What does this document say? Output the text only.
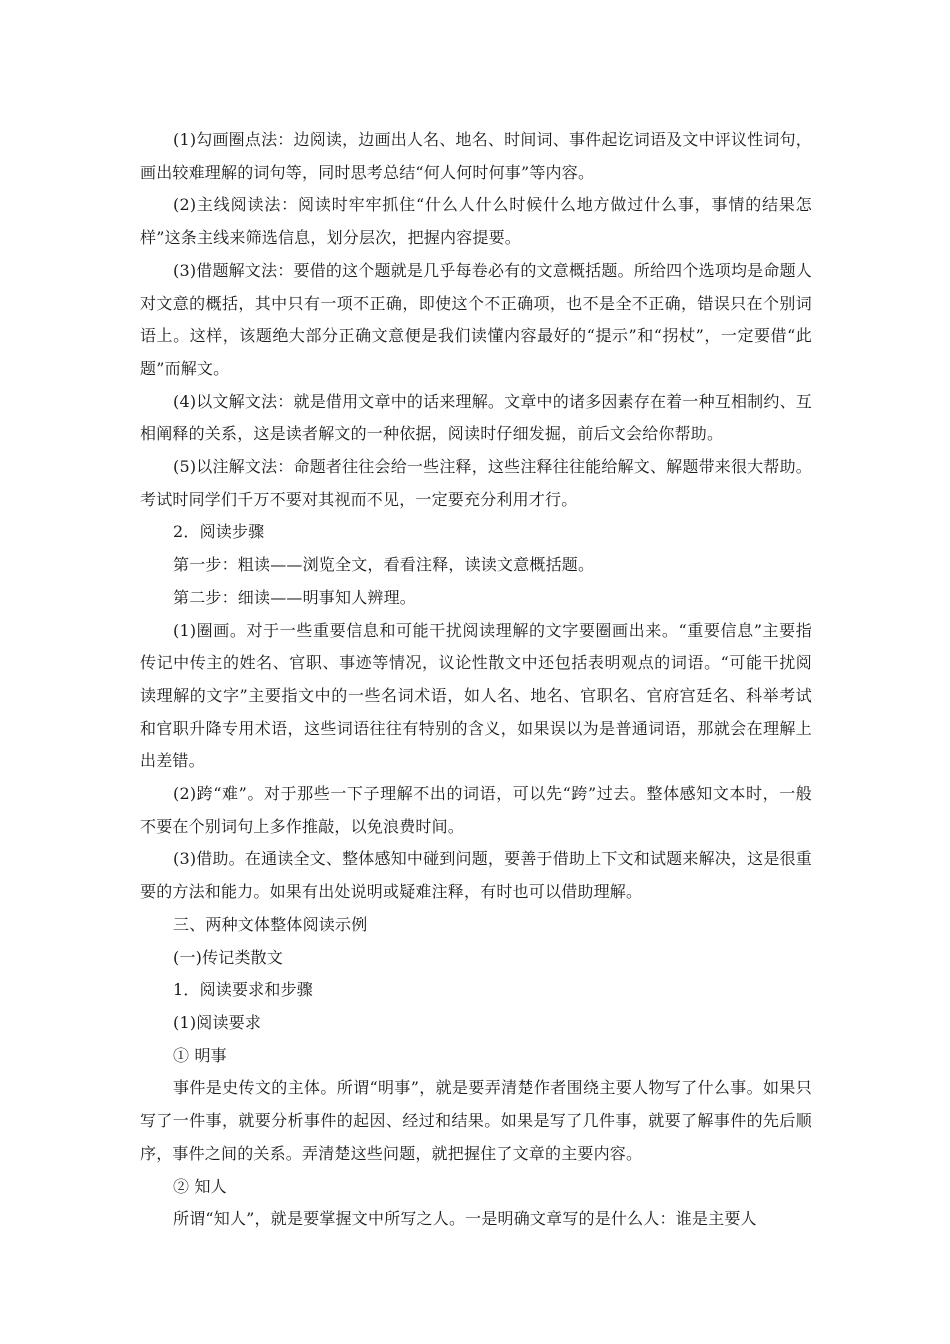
(1)勾画圈点法：边阅读，边画出人名、地名、时间词、事件起讫词语及文中评议性词句，画出较难理解的词句等，同时思考总结“何人何时何事”等内容。

(2)主线阅读法：阅读时牢牢抓住“什么人什么时候什么地方做过什么事，事情的结果怎样”这条主线来筛选信息，划分层次，把握内容提要。

(3)借题解文法：要借的这个题就是几乎每卷必有的文意概括题。所给四个选项均是命题人对文意的概括，其中只有一项不正确，即使这个不正确项，也不是全不正确，错误只在个别词语上。这样，该题绝大部分正确文意便是我们读懂内容最好的“提示”和“拐杖”，一定要借“此题”而解文。

(4)以文解文法：就是借用文章中的话来理解。文章中的诸多因素存在着一种互相制约、互相阐释的关系，这是读者解文的一种依据，阅读时仔细发掘，前后文会给你帮助。

(5)以注解文法：命题者往往会给一些注释，这些注释往往能给解文、解题带来很大帮助。考试时同学们千万不要对其视而不见，一定要充分利用才行。

2．阅读步骤

第一步：粗读——浏览全文，看看注释，读读文意概括题。

第二步：细读——明事知人辨理。

(1)圈画。对于一些重要信息和可能干扰阅读理解的文字要圈画出来。“重要信息”主要指传记中传主的姓名、官职、事迹等情况，议论性散文中还包括表明观点的词语。“可能干扰阅读理解的文字”主要指文中的一些名词术语，如人名、地名、官职名、官府宫廷名、科举考试和官职升降专用术语，这些词语往往有特别的含义，如果误以为是普通词语，那就会在理解上出差错。

(2)跨“难”。对于那些一下子理解不出的词语，可以先“跨”过去。整体感知文本时，一般不要在个别词句上多作推敲，以免浪费时间。

(3)借助。在通读全文、整体感知中碰到问题，要善于借助上下文和试题来解决，这是很重要的方法和能力。如果有出处说明或疑难注释，有时也可以借助理解。

三、两种文体整体阅读示例

(一)传记类散文

1．阅读要求和步骤

(1)阅读要求

① 明事

事件是史传文的主体。所谓“明事”，就是要弄清楚作者围绕主要人物写了什么事。如果只写了一件事，就要分析事件的起因、经过和结果。如果是写了几件事，就要了解事件的先后顺序，事件之间的关系。弄清楚这些问题，就把握住了文章的主要内容。

② 知人

所谓“知人”，就是要掌握文中所写之人。一是明确文章写的是什么人：谁是主要人
